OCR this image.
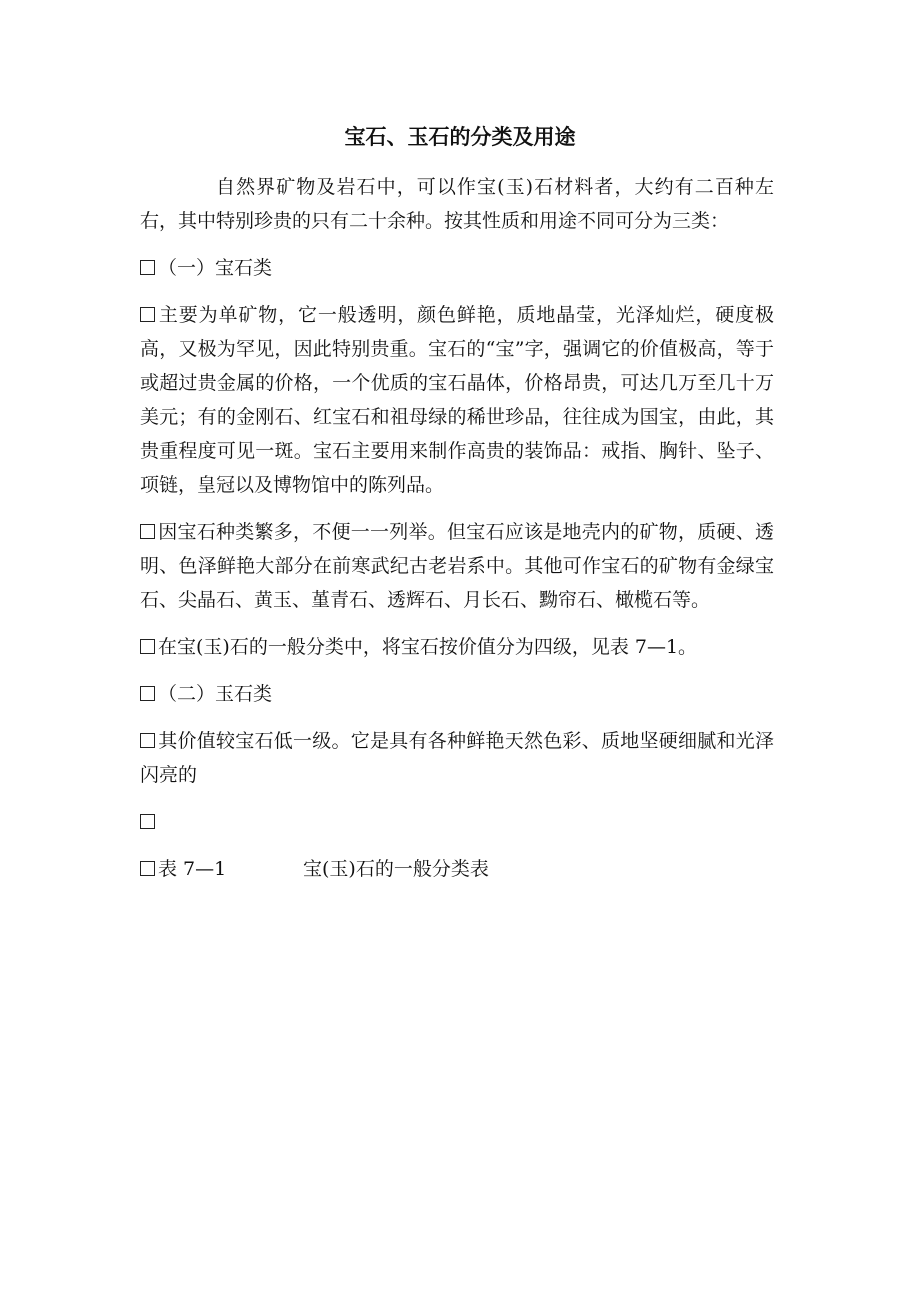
宝石、玉石的分类及用途

自然界矿物及岩石中，可以作宝(玉)石材料者，大约有二百种左右，其中特别珍贵的只有二十余种。按其性质和用途不同可分为三类：

（一）宝石类

主要为单矿物，它一般透明，颜色鲜艳，质地晶莹，光泽灿烂，硬度极高，又极为罕见，因此特别贵重。宝石的“宝”字，强调它的价值极高，等于或超过贵金属的价格，一个优质的宝石晶体，价格昂贵，可达几万至几十万美元；有的金刚石、红宝石和祖母绿的稀世珍品，往往成为国宝，由此，其贵重程度可见一斑。宝石主要用来制作高贵的装饰品：戒指、胸针、坠子、项链，皇冠以及博物馆中的陈列品。

因宝石种类繁多，不便一一列举。但宝石应该是地壳内的矿物，质硬、透明、色泽鲜艳大部分在前寒武纪古老岩系中。其他可作宝石的矿物有金绿宝石、尖晶石、黄玉、堇青石、透辉石、月长石、黝帘石、橄榄石等。

在宝(玉)石的一般分类中，将宝石按价值分为四级，见表 7—1。

（二）玉石类

其价值较宝石低一级。它是具有各种鲜艳天然色彩、质地坚硬细腻和光泽闪亮的

表 7—1	宝(玉)石的一般分类表
